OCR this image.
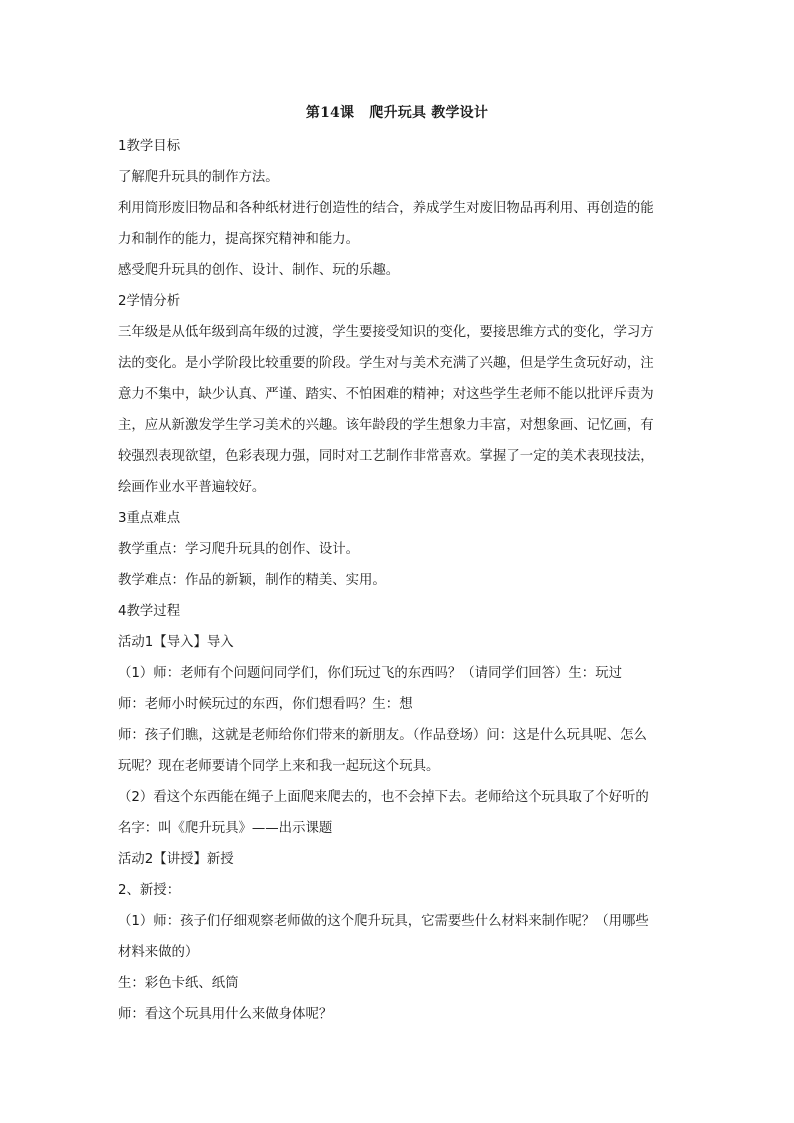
第14课   爬升玩具 教学设计
1教学目标
了解爬升玩具的制作方法。
利用筒形废旧物品和各种纸材进行创造性的结合，养成学生对废旧物品再利用、再创造的能
力和制作的能力，提高探究精神和能力。
感受爬升玩具的创作、设计、制作、玩的乐趣。
2学情分析
三年级是从低年级到高年级的过渡，学生要接受知识的变化，要接思维方式的变化，学习方
法的变化。是小学阶段比较重要的阶段。学生对与美术充满了兴趣，但是学生贪玩好动，注
意力不集中，缺少认真、严谨、踏实、不怕困难的精神；对这些学生老师不能以批评斥责为
主，应从新激发学生学习美术的兴趣。该年龄段的学生想象力丰富，对想象画、记忆画，有
较强烈表现欲望，色彩表现力强，同时对工艺制作非常喜欢。掌握了一定的美术表现技法，
绘画作业水平普遍较好。
3重点难点
教学重点：学习爬升玩具的创作、设计。
教学难点：作品的新颖，制作的精美、实用。
4教学过程
活动1【导入】导入
（1）师：老师有个问题问同学们，你们玩过飞的东西吗？（请同学们回答）生：玩过
师：老师小时候玩过的东西，你们想看吗？生：想
师：孩子们瞧，这就是老师给你们带来的新朋友。（作品登场）问：这是什么玩具呢、怎么
玩呢？现在老师要请个同学上来和我一起玩这个玩具。
（2）看这个东西能在绳子上面爬来爬去的，也不会掉下去。老师给这个玩具取了个好听的
名字：叫《爬升玩具》——出示课题
活动2【讲授】新授
2、新授：
（1）师：孩子们仔细观察老师做的这个爬升玩具，它需要些什么材料来制作呢？（用哪些
材料来做的）
生：彩色卡纸、纸筒
师：看这个玩具用什么来做身体呢？
